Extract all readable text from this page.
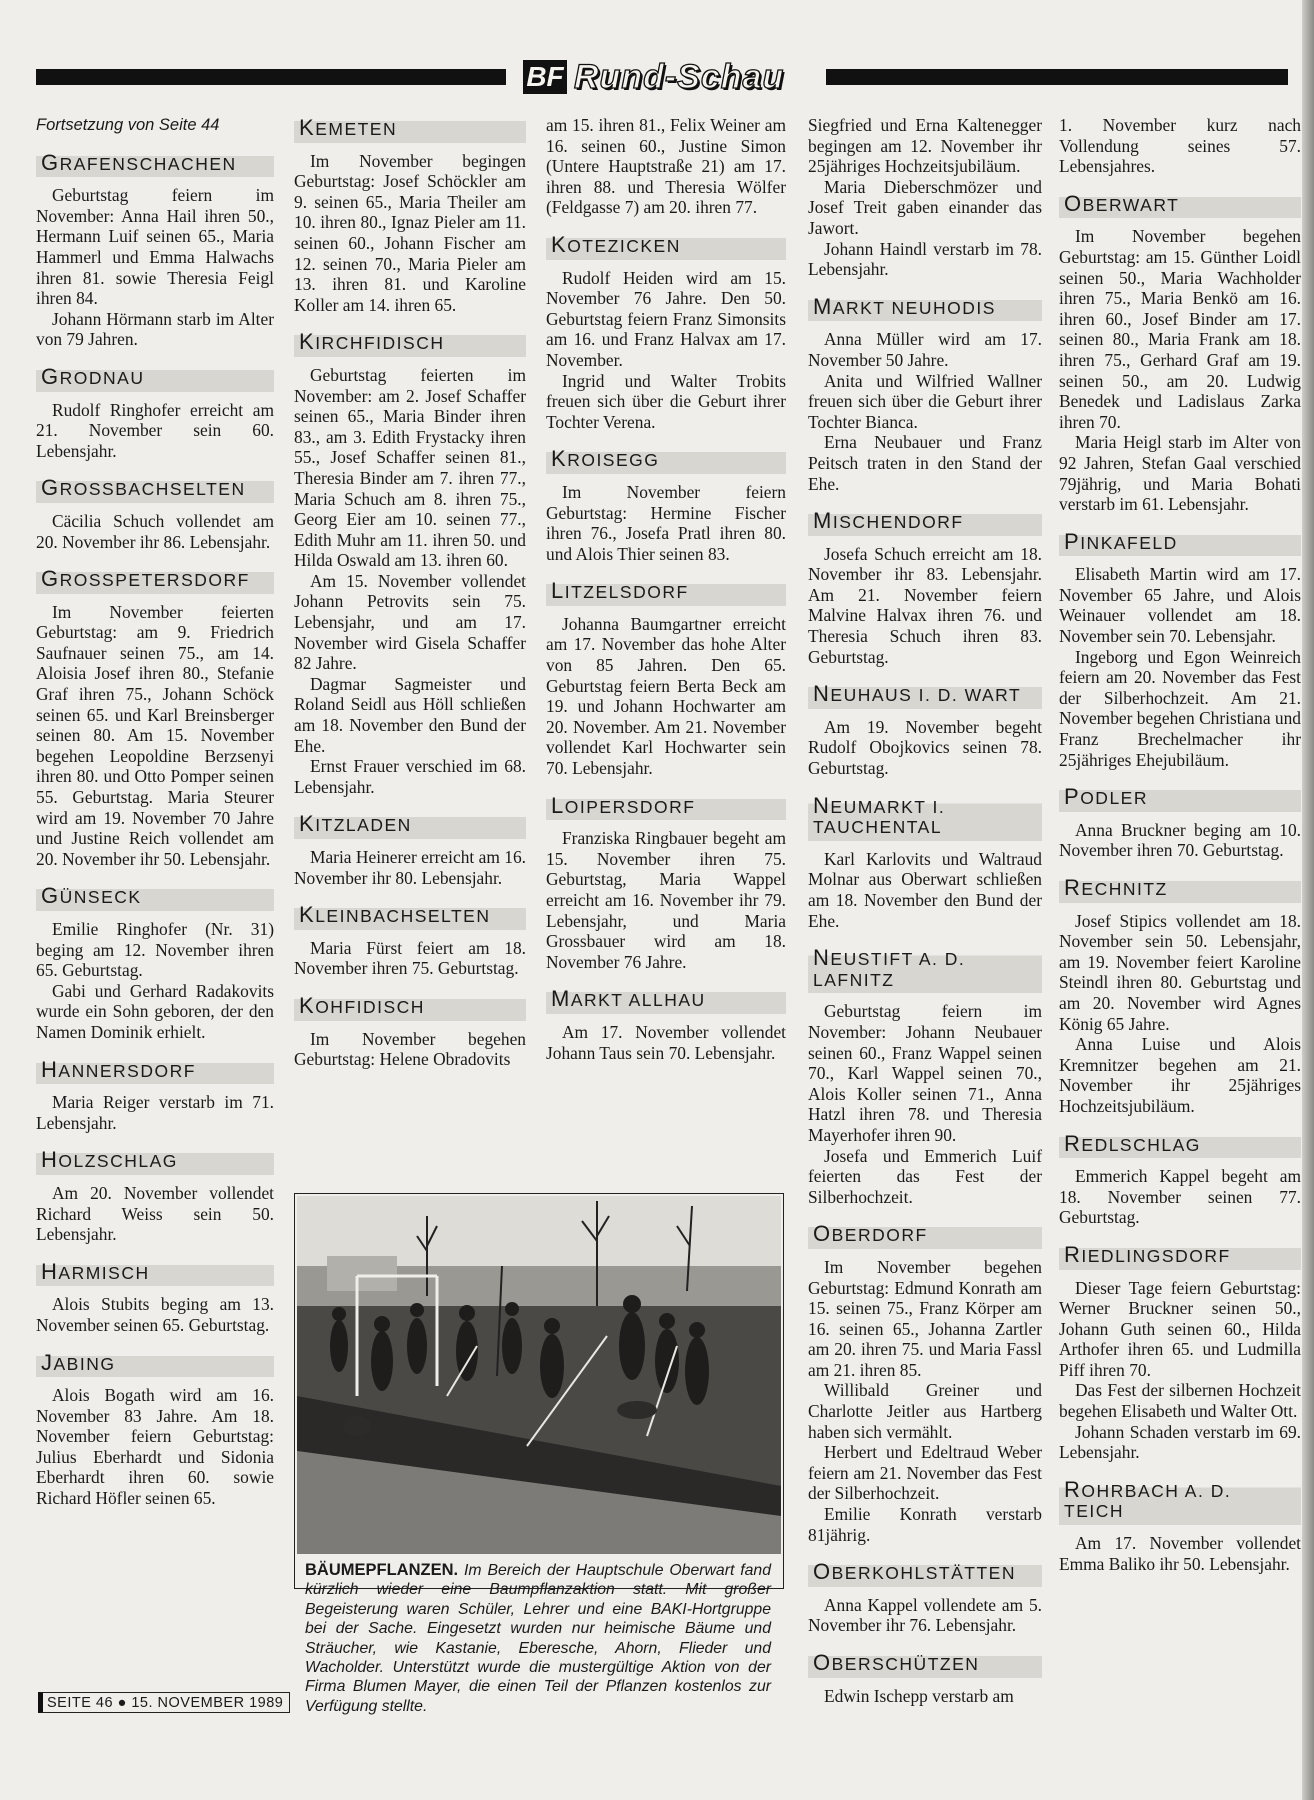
BF Rund-Schau
Fortsetzung von Seite 44
GRAFENSCHACHEN

Geburtstag feiern im November: Anna Hail ihren 50., Hermann Luif seinen 65., Maria Hammerl und Emma Halwachs ihren 81. sowie Theresia Feigl ihren 84.

Johann Hörmann starb im Alter von 79 Jahren.

GRODNAU

Rudolf Ringhofer erreicht am 21. November sein 60. Lebensjahr.

GROSSBACHSELTEN

Cäcilia Schuch vollendet am 20. November ihr 86. Lebensjahr.

GROSSPETERSDORF

Im November feierten Geburtstag: am 9. Friedrich Saufnauer seinen 75., am 14. Aloisia Josef ihren 80., Stefanie Graf ihren 75., Johann Schöck seinen 65. und Karl Breinsberger seinen 80. Am 15. November begehen Leopoldine Berzsenyi ihren 80. und Otto Pomper seinen 55. Geburtstag. Maria Steurer wird am 19. November 70 Jahre und Justine Reich vollendet am 20. November ihr 50. Lebensjahr.

GÜNSECK

Emilie Ringhofer (Nr. 31) beging am 12. November ihren 65. Geburtstag.

Gabi und Gerhard Radakovits wurde ein Sohn geboren, der den Namen Dominik erhielt.

HANNERSDORF

Maria Reiger verstarb im 71. Lebensjahr.

HOLZSCHLAG

Am 20. November vollendet Richard Weiss sein 50. Lebensjahr.

HARMISCH

Alois Stubits beging am 13. November seinen 65. Geburtstag.

JABING

Alois Bogath wird am 16. November 83 Jahre. Am 18. November feiern Geburtstag: Julius Eberhardt und Sidonia Eberhardt ihren 60. sowie Richard Höfler seinen 65.

KEMETEN

Im November begingen Geburtstag: Josef Schöckler am 9. seinen 65., Maria Theiler am 10. ihren 80., Ignaz Pieler am 11. seinen 60., Johann Fischer am 12. seinen 70., Maria Pieler am 13. ihren 81. und Karoline Koller am 14. ihren 65.

KIRCHFIDISCH

Geburtstag feierten im November: am 2. Josef Schaffer seinen 65., Maria Binder ihren 83., am 3. Edith Frystacky ihren 55., Josef Schaffer seinen 81., Theresia Binder am 7. ihren 77., Maria Schuch am 8. ihren 75., Georg Eier am 10. seinen 77., Edith Muhr am 11. ihren 50. und Hilda Oswald am 13. ihren 60.

Am 15. November vollendet Johann Petrovits sein 75. Lebensjahr, und am 17. November wird Gisela Schaffer 82 Jahre.

Dagmar Sagmeister und Roland Seidl aus Höll schließen am 18. November den Bund der Ehe.

Ernst Frauer verschied im 68. Lebensjahr.

KITZLADEN

Maria Heinerer erreicht am 16. November ihr 80. Lebensjahr.

KLEINBACHSELTEN

Maria Fürst feiert am 18. November ihren 75. Geburtstag.

KOHFIDISCH

Im November begehen Geburtstag: Helene Obradovits

am 15. ihren 81., Felix Weiner am 16. seinen 60., Justine Simon (Untere Hauptstraße 21) am 17. ihren 88. und Theresia Wölfer (Feldgasse 7) am 20. ihren 77.

KOTEZICKEN

Rudolf Heiden wird am 15. November 76 Jahre. Den 50. Geburtstag feiern Franz Simonsits am 16. und Franz Halvax am 17. November.

Ingrid und Walter Trobits freuen sich über die Geburt ihrer Tochter Verena.

KROISEGG

Im November feiern Geburtstag: Hermine Fischer ihren 76., Josefa Pratl ihren 80. und Alois Thier seinen 83.

LITZELSDORF

Johanna Baumgartner erreicht am 17. November das hohe Alter von 85 Jahren. Den 65. Geburtstag feiern Berta Beck am 19. und Johann Hochwarter am 20. November. Am 21. November vollendet Karl Hochwarter sein 70. Lebensjahr.

LOIPERSDORF

Franziska Ringbauer begeht am 15. November ihren 75. Geburtstag, Maria Wappel erreicht am 16. November ihr 79. Lebensjahr, und Maria Grossbauer wird am 18. November 76 Jahre.

MARKT ALLHAU

Am 17. November vollendet Johann Taus sein 70. Lebensjahr.

Siegfried und Erna Kaltenegger begingen am 12. November ihr 25jähriges Hochzeitsjubiläum.

Maria Dieberschmözer und Josef Treit gaben einander das Jawort.

Johann Haindl verstarb im 78. Lebensjahr.

MARKT NEUHODIS

Anna Müller wird am 17. November 50 Jahre.

Anita und Wilfried Wallner freuen sich über die Geburt ihrer Tochter Bianca.

Erna Neubauer und Franz Peitsch traten in den Stand der Ehe.

MISCHENDORF

Josefa Schuch erreicht am 18. November ihr 83. Lebensjahr. Am 21. November feiern Malvine Halvax ihren 76. und Theresia Schuch ihren 83. Geburtstag.

NEUHAUS I. D. WART

Am 19. November begeht Rudolf Obojkovics seinen 78. Geburtstag.

NEUMARKT I. TAUCHENTAL

Karl Karlovits und Waltraud Molnar aus Oberwart schließen am 18. November den Bund der Ehe.

NEUSTIFT A. D. LAFNITZ

Geburtstag feiern im November: Johann Neubauer seinen 60., Franz Wappel seinen 70., Karl Wappel seinen 70., Alois Koller seinen 71., Anna Hatzl ihren 78. und Theresia Mayerhofer ihren 90.

Josefa und Emmerich Luif feierten das Fest der Silberhochzeit.

OBERDORF

Im November begehen Geburtstag: Edmund Konrath am 15. seinen 75., Franz Körper am 16. seinen 65., Johanna Zartler am 20. ihren 75. und Maria Fassl am 21. ihren 85.

Willibald Greiner und Charlotte Jeitler aus Hartberg haben sich vermählt.

Herbert und Edeltraud Weber feiern am 21. November das Fest der Silberhochzeit.

Emilie Konrath verstarb 81jährig.

OBERKOHLSTÄTTEN

Anna Kappel vollendete am 5. November ihr 76. Lebensjahr.

OBERSCHÜTZEN

Edwin Ischepp verstarb am

1. November kurz nach Vollendung seines 57. Lebensjahres.

OBERWART

Im November begehen Geburtstag: am 15. Günther Loidl seinen 50., Maria Wachholder ihren 75., Maria Benkö am 16. ihren 60., Josef Binder am 17. seinen 80., Maria Frank am 18. ihren 75., Gerhard Graf am 19. seinen 50., am 20. Ludwig Benedek und Ladislaus Zarka ihren 70.

Maria Heigl starb im Alter von 92 Jahren, Stefan Gaal verschied 79jährig, und Maria Bohati verstarb im 61. Lebensjahr.

PINKAFELD

Elisabeth Martin wird am 17. November 65 Jahre, und Alois Weinauer vollendet am 18. November sein 70. Lebensjahr.

Ingeborg und Egon Weinreich feiern am 20. November das Fest der Silberhochzeit. Am 21. November begehen Christiana und Franz Brechelmacher ihr 25jähriges Ehejubiläum.

PODLER

Anna Bruckner beging am 10. November ihren 70. Geburtstag.

RECHNITZ

Josef Stipics vollendet am 18. November sein 50. Lebensjahr, am 19. November feiert Karoline Steindl ihren 80. Geburtstag und am 20. November wird Agnes König 65 Jahre.

Anna Luise und Alois Kremnitzer begehen am 21. November ihr 25jähriges Hochzeitsjubiläum.

REDLSCHLAG

Emmerich Kappel begeht am 18. November seinen 77. Geburtstag.

RIEDLINGSDORF

Dieser Tage feiern Geburtstag: Werner Bruckner seinen 50., Johann Guth seinen 60., Hilda Arthofer ihren 65. und Ludmilla Piff ihren 70.

Das Fest der silbernen Hochzeit begehen Elisabeth und Walter Ott.

Johann Schaden verstarb im 69. Lebensjahr.

ROHRBACH A. D. TEICH

Am 17. November vollendet Emma Baliko ihr 50. Lebensjahr.

BÄUMEPFLANZEN. Im Bereich der Hauptschule Oberwart fand kürzlich wieder eine Baumpflanzaktion statt. Mit großer Begeisterung waren Schüler, Lehrer und eine BAKI-Hortgruppe bei der Sache. Eingesetzt wurden nur heimische Bäume und Sträucher, wie Kastanie, Eberesche, Ahorn, Flieder und Wacholder. Unterstützt wurde die mustergültige Aktion von der Firma Blumen Mayer, die einen Teil der Pflanzen kostenlos zur Verfügung stellte.
SEITE 46 ● 15. NOVEMBER 1989
